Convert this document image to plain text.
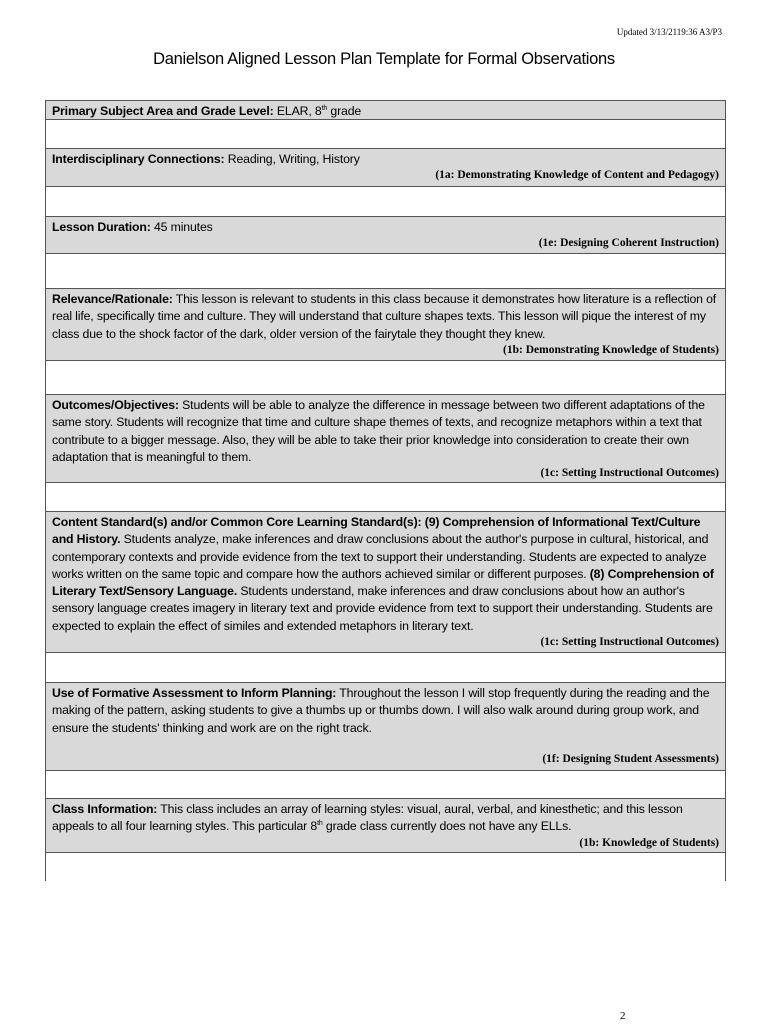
Updated 3/13/2119:36 A3/P3
Danielson Aligned Lesson Plan Template for Formal Observations
Primary Subject Area and Grade Level: ELAR, 8th grade
Interdisciplinary Connections: Reading, Writing, History
(1a: Demonstrating Knowledge of Content and Pedagogy)
Lesson Duration: 45 minutes
(1e: Designing Coherent Instruction)
Relevance/Rationale: This lesson is relevant to students in this class because it demonstrates how literature is a reflection of real life, specifically time and culture. They will understand that culture shapes texts. This lesson will pique the interest of my class due to the shock factor of the dark, older version of the fairytale they thought they knew.
(1b: Demonstrating Knowledge of Students)
Outcomes/Objectives: Students will be able to analyze the difference in message between two different adaptations of the same story. Students will recognize that time and culture shape themes of texts, and recognize metaphors within a text that contribute to a bigger message. Also, they will be able to take their prior knowledge into consideration to create their own adaptation that is meaningful to them.
(1c: Setting Instructional Outcomes)
Content Standard(s) and/or Common Core Learning Standard(s): (9) Comprehension of Informational Text/Culture and History. Students analyze, make inferences and draw conclusions about the author's purpose in cultural, historical, and contemporary contexts and provide evidence from the text to support their understanding. Students are expected to analyze works written on the same topic and compare how the authors achieved similar or different purposes. (8) Comprehension of Literary Text/Sensory Language. Students understand, make inferences and draw conclusions about how an author's sensory language creates imagery in literary text and provide evidence from text to support their understanding. Students are expected to explain the effect of similes and extended metaphors in literary text.
(1c: Setting Instructional Outcomes)
Use of Formative Assessment to Inform Planning: Throughout the lesson I will stop frequently during the reading and the making of the pattern, asking students to give a thumbs up or thumbs down. I will also walk around during group work, and ensure the students' thinking and work are on the right track.
(1f: Designing Student Assessments)
Class Information: This class includes an array of learning styles: visual, aural, verbal, and kinesthetic; and this lesson appeals to all four learning styles. This particular 8th grade class currently does not have any ELLs.
(1b: Knowledge of Students)
2
